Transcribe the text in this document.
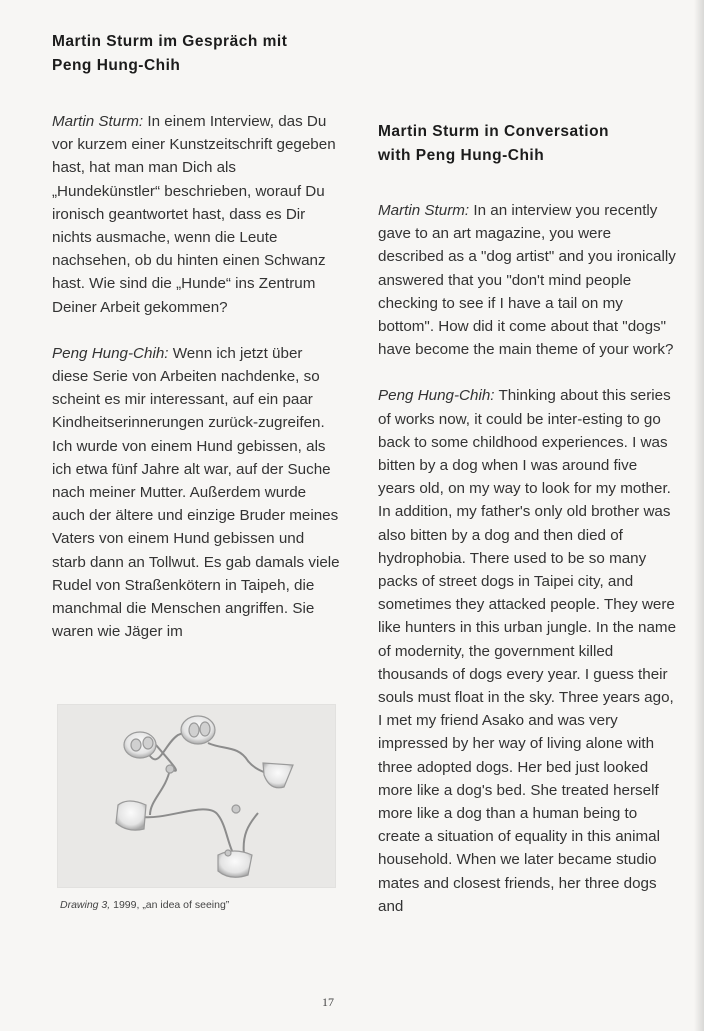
Martin Sturm im Gespräch mit
Peng Hung-Chih

Martin Sturm: In einem Interview, das Du vor kurzem einer Kunstzeitschrift gegeben hast, hat man man Dich als „Hundekünstler“ beschrieben, worauf Du ironisch geantwortet hast, dass es Dir nichts ausmache, wenn die Leute nachsehen, ob du hinten einen Schwanz hast. Wie sind die „Hunde“ ins Zentrum Deiner Arbeit gekommen?

Peng Hung-Chih: Wenn ich jetzt über diese Serie von Arbeiten nachdenke, so scheint es mir interessant, auf ein paar Kindheitserinnerungen zurück-zugreifen. Ich wurde von einem Hund gebissen, als ich etwa fünf Jahre alt war, auf der Suche nach meiner Mutter. Außerdem wurde auch der ältere und einzige Bruder meines Vaters von einem Hund gebissen und starb dann an Tollwut. Es gab damals viele Rudel von Straßenkötern in Taipeh, die manchmal die Menschen angriffen. Sie waren wie Jäger im

Drawing 3, 1999, „an idea of seeing”
Martin Sturm in Conversation
with Peng Hung-Chih

Martin Sturm: In an interview you recently gave to an art magazine, you were described as a "dog artist" and you ironically answered that you "don't mind people checking to see if I have a tail on my bottom". How did it come about that "dogs" have become the main theme of your work?

Peng Hung-Chih: Thinking about this series of works now, it could be inter-esting to go back to some childhood experiences. I was bitten by a dog when I was around five years old, on my way to look for my mother. In addition, my father's only old brother was also bitten by a dog and then died of hydrophobia. There used to be so many packs of street dogs in Taipei city, and sometimes they attacked people. They were like hunters in this urban jungle. In the name of modernity, the government killed thousands of dogs every year. I guess their souls must float in the sky. Three years ago, I met my friend Asako and was very impressed by her way of living alone with three adopted dogs. Her bed just looked more like a dog's bed. She treated herself more like a dog than a human being to create a situation of equality in this animal household. When we later became studio mates and closest friends, her three dogs and

17
